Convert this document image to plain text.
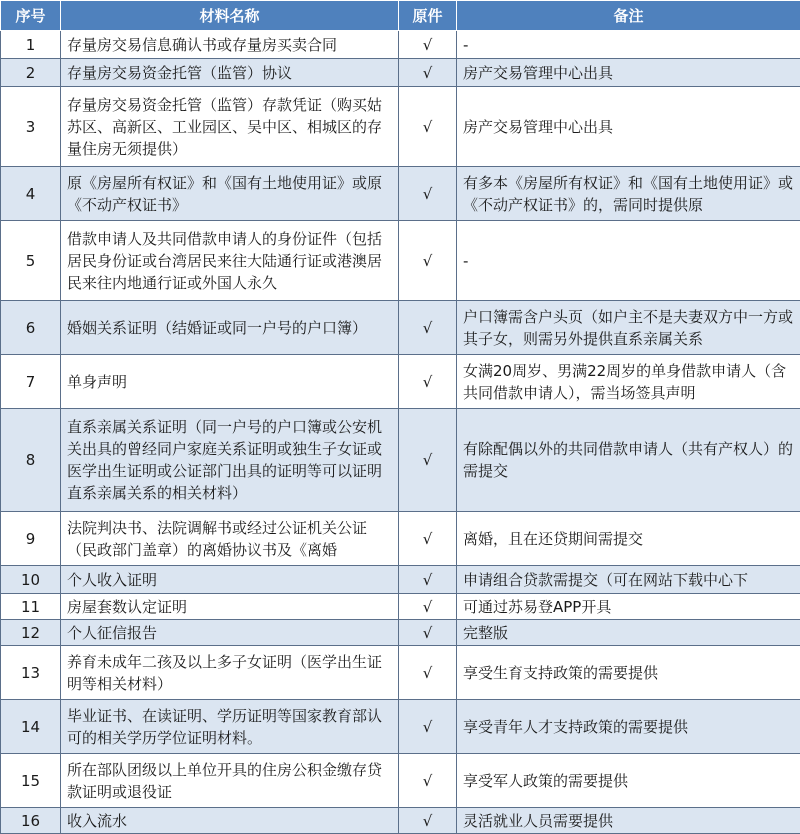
序号	材料名称	原件	备注

1	存量房交易信息确认书或存量房买卖合同	√	-

2	存量房交易资金托管（监管）协议	√	房产交易管理中心出具

3	存量房交易资金托管（监管）存款凭证（购买姑苏区、高新区、工业园区、吴中区、相城区的存量住房无须提供）	√	房产交易管理中心出具

4	原《房屋所有权证》和《国有土地使用证》或原《不动产权证书》	√	有多本《房屋所有权证》和《国有土地使用证》或《不动产权证书》的，需同时提供原

5	借款申请人及共同借款申请人的身份证件（包括居民身份证或台湾居民来往大陆通行证或港澳居民来往内地通行证或外国人永久	√	-

6	婚姻关系证明（结婚证或同一户号的户口簿）	√	户口簿需含户头页（如户主不是夫妻双方中一方或其子女，则需另外提供直系亲属关系

7	单身声明	√	女满20周岁、男满22周岁的单身借款申请人（含共同借款申请人），需当场签具声明

8	直系亲属关系证明（同一户号的户口簿或公安机关出具的曾经同户家庭关系证明或独生子女证或医学出生证明或公证部门出具的证明等可以证明直系亲属关系的相关材料）	√	有除配偶以外的共同借款申请人（共有产权人）的需提交

9	法院判决书、法院调解书或经过公证机关公证（民政部门盖章）的离婚协议书及《离婚	√	离婚，且在还贷期间需提交

10	个人收入证明	√	申请组合贷款需提交（可在网站下载中心下

11	房屋套数认定证明	√	可通过苏易登APP开具

12	个人征信报告	√	完整版

13	养育未成年二孩及以上多子女证明（医学出生证明等相关材料）	√	享受生育支持政策的需要提供

14	毕业证书、在读证明、学历证明等国家教育部认可的相关学历学位证明材料。	√	享受青年人才支持政策的需要提供

15	所在部队团级以上单位开具的住房公积金缴存贷款证明或退役证	√	享受军人政策的需要提供

16	收入流水	√	灵活就业人员需要提供
